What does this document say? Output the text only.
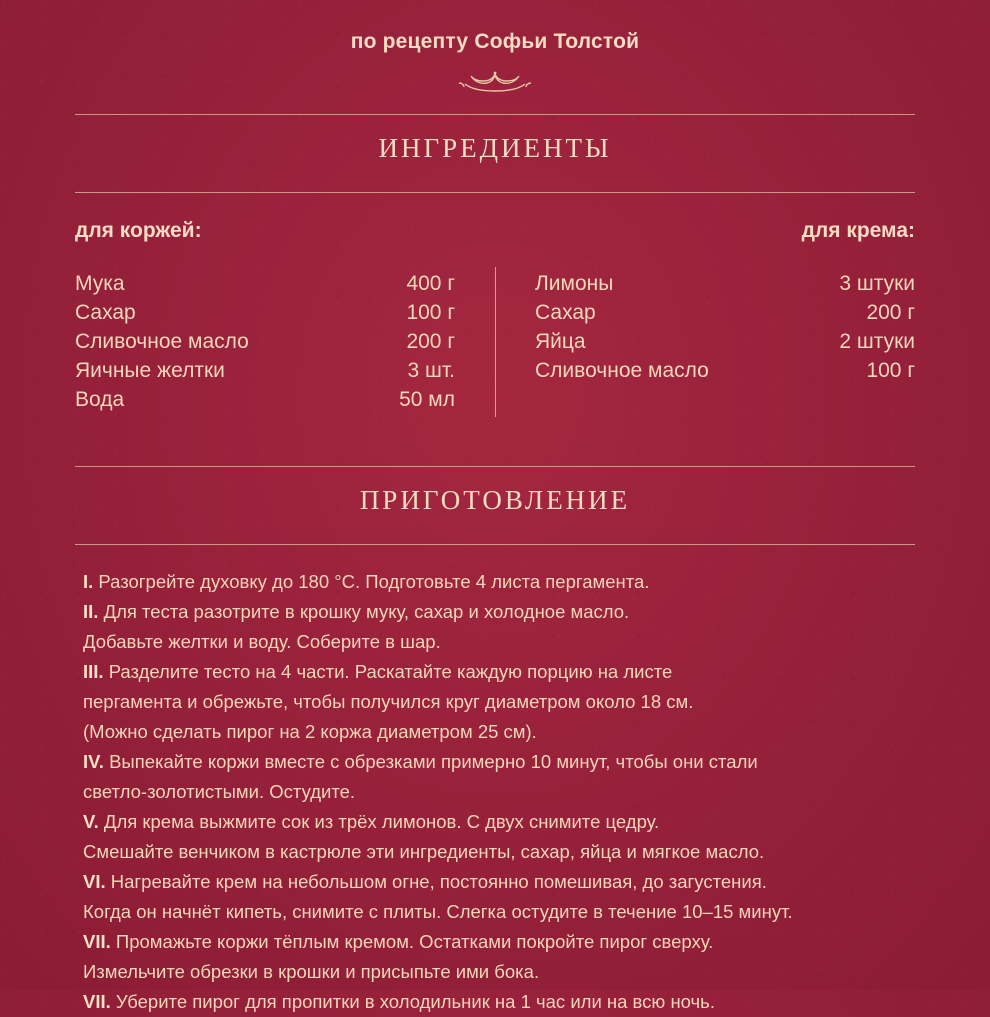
по рецепту Софьи Толстой
ИНГРЕДИЕНТЫ
для коржей:
Мука	400 г
Сахар	100 г
Сливочное масло	200 г
Яичные желтки	3 шт.
Вода	50 мл
для крема:
Лимоны	3 штуки
Сахар	200 г
Яйца	2 штуки
Сливочное масло	100 г
ПРИГОТОВЛЕНИЕ
I. Разогрейте духовку до 180 °C. Подготовьте 4 листа пергамента.
II. Для теста разотрите в крошку муку, сахар и холодное масло.
Добавьте желтки и воду. Соберите в шар.
III. Разделите тесто на 4 части. Раскатайте каждую порцию на листе
пергамента и обрежьте, чтобы получился круг диаметром около 18 см.
(Можно сделать пирог на 2 коржа диаметром 25 см).
IV. Выпекайте коржи вместе с обрезками примерно 10 минут, чтобы они стали
светло-золотистыми. Остудите.
V. Для крема выжмите сок из трёх лимонов. С двух снимите цедру.
Смешайте венчиком в кастрюле эти ингредиенты, сахар, яйца и мягкое масло.
VI. Нагревайте крем на небольшом огне, постоянно помешивая, до загустения.
Когда он начнёт кипеть, снимите с плиты. Слегка остудите в течение 10–15 минут.
VII. Промажьте коржи тёплым кремом. Остатками покройте пирог сверху.
Измельчите обрезки в крошки и присыпьте ими бока.
VII. Уберите пирог для пропитки в холодильник на 1 час или на всю ночь.
